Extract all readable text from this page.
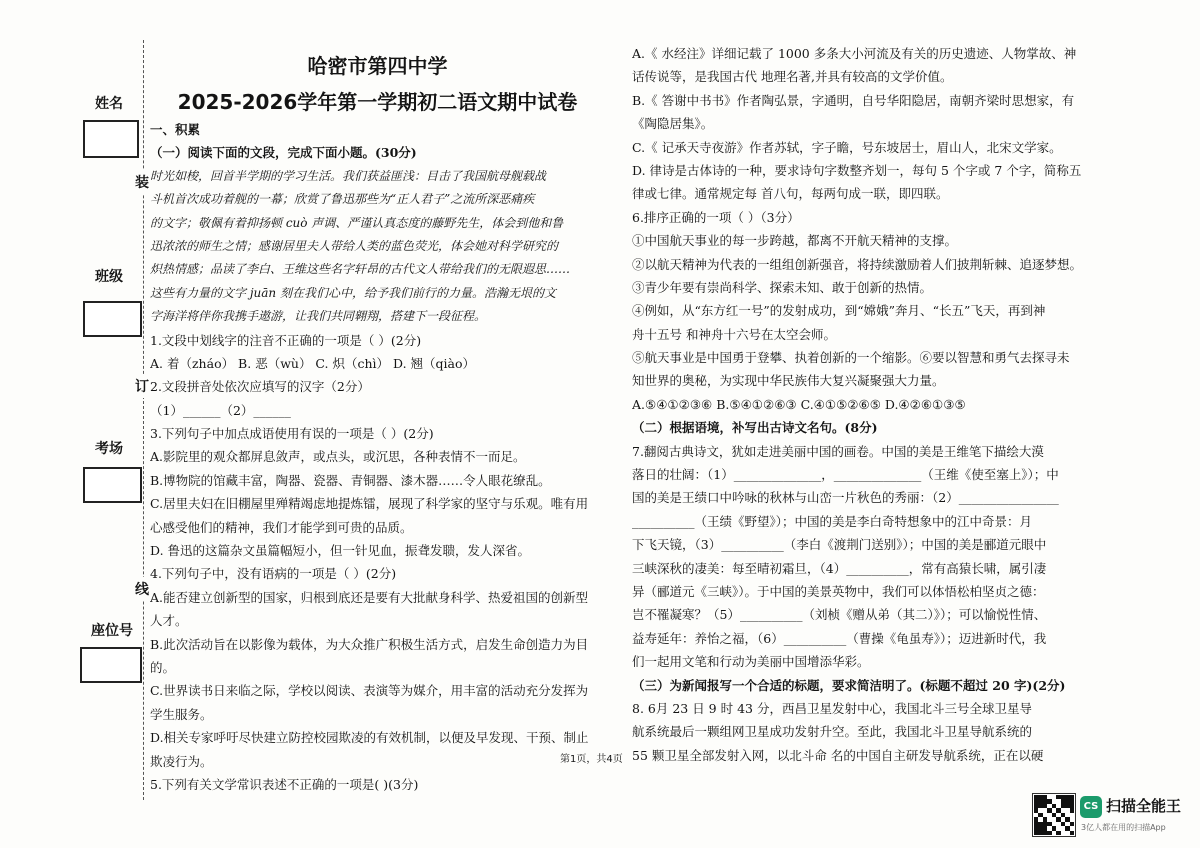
姓名
班级
考场
座位号
装
订
线
哈密市第四中学
2025-2026学年第一学期初二语文期中试卷
一、积累
（一）阅读下面的文段，完成下面小题。(30分)
时光如梭，回首半学期的学习生活。我们获益匪浅：目击了我国航母舰载战
斗机首次成功着舰的一幕；欣赏了鲁迅那些为“正人君子”之流所深恶痛疾
的文字；敬佩有着抑扬顿 cuò 声调、严谨认真态度的藤野先生，体会到他和鲁
迅浓浓的师生之情；感谢居里夫人带给人类的蓝色荧光，体会她对科学研究的
炽热情感；品读了李白、王维这些名字轩昂的古代文人带给我们的无限遐思……
这些有力量的文字 juān 刻在我们心中，给予我们前行的力量。浩瀚无垠的文
字海洋将伴你我携手遨游，让我们共同翱翔，搭建下一段征程。
1.文段中划线字的注音不正确的一项是（ ）(2分)
A. 着（zháo） B. 恶（wù） C. 炽（chì） D. 翘（qiào）
2.文段拼音处依次应填写的汉字（2分）
（1）______（2）______
3.下列句子中加点成语使用有误的一项是（ ）(2分)
A.影院里的观众都屏息敛声，或点头，或沉思，各种表情不一而足。
B.博物院的馆藏丰富，陶器、瓷器、青铜器、漆木器……令人眼花缭乱。
C.居里夫妇在旧棚屋里殚精竭虑地提炼镭，展现了科学家的坚守与乐观。唯有用
心感受他们的精神，我们才能学到可贵的品质。
D. 鲁迅的这篇杂文虽篇幅短小，但一针见血，振聋发聩，发人深省。
4.下列句子中，没有语病的一项是（ ）(2分)
A.能否建立创新型的国家，归根到底还是要有大批献身科学、热爱祖国的创新型
人才。
B.此次活动旨在以影像为载体，为大众推广积极生活方式，启发生命创造力为目
的。
C.世界读书日来临之际，学校以阅读、表演等为媒介，用丰富的活动充分发挥为
学生服务。
D.相关专家呼吁尽快建立防控校园欺凌的有效机制，以便及早发现、干预、制止
欺凌行为。
5.下列有关文学常识表述不正确的一项是( )(3分)
A.《 水经注》详细记载了 1000 多条大小河流及有关的历史遗迹、人物掌故、神
话传说等，是我国古代 地理名著,并具有较高的文学价值。
B.《 答谢中书书》作者陶弘景，字通明，自号华阳隐居，南朝齐梁时思想家，有
《陶隐居集》。
C.《 记承天寺夜游》作者苏轼，字子瞻，号东坡居士，眉山人，北宋文学家。
D. 律诗是古体诗的一种，要求诗句字数整齐划一，每句 5 个字或 7 个字，简称五
律或七律。通常规定每 首八句，每两句成一联，即四联。
6.排序正确的一项（ ）（3分）
①中国航天事业的每一步跨越，都离不开航天精神的支撑。
②以航天精神为代表的一组组创新强音，将持续激励着人们披荆斩棘、追逐梦想。
③青少年要有崇尚科学、探索未知、敢于创新的热情。
④例如，从“东方红一号”的发射成功，到“嫦娥”奔月、“长五”飞天，再到神
舟十五号 和神舟十六号在太空会师。
⑤航天事业是中国勇于登攀、执着创新的一个缩影。⑥要以智慧和勇气去探寻未
知世界的奥秘，为实现中华民族伟大复兴凝聚强大力量。
A.⑤④①②③⑥ B.⑤④①②⑥③ C.④①⑤②⑥⑤ D.④②⑥①③⑤
（二）根据语境，补写出古诗文名句。(8分)
7.翻阅古典诗文，犹如走进美丽中国的画卷。中国的美是王维笔下描绘大漠
落日的壮阔：（1）______________，______________（王维《使至塞上》）；中
国的美是王绩口中吟咏的秋林与山峦一片秋色的秀丽：（2）________________
__________（王绩《野望》）；中国的美是李白奇特想象中的江中奇景：月
下飞天镜，（3）__________（李白《渡荆门送别》）；中国的美是郦道元眼中
三峡深秋的凄美：每至晴初霜旦，（4）__________，常有高猿长啸，属引凄
异（郦道元《三峡》）。于中国的美景英物中，我们可以体悟松柏坚贞之德：
岂不罹凝寒？（5）__________（刘桢《赠从弟（其二）》）；可以愉悦性情、
益寿延年：养怡之福，（6）__________（曹操《龟虽寿》）；迈进新时代，我
们一起用文笔和行动为美丽中国增添华彩。
（三）为新闻报写一个合适的标题，要求简洁明了。(标题不超过 20 字)(2分)
8. 6月 23 日 9 时 43 分，西昌卫星发射中心，我国北斗三号全球卫星导
航系统最后一颗组网卫星成功发射升空。至此，我国北斗卫星导航系统的
55 颗卫星全部发射入网，以北斗命 名的中国自主研发导航系统，正在以硬
第1页，共4页
CS 扫描全能王
3亿人都在用的扫描App
